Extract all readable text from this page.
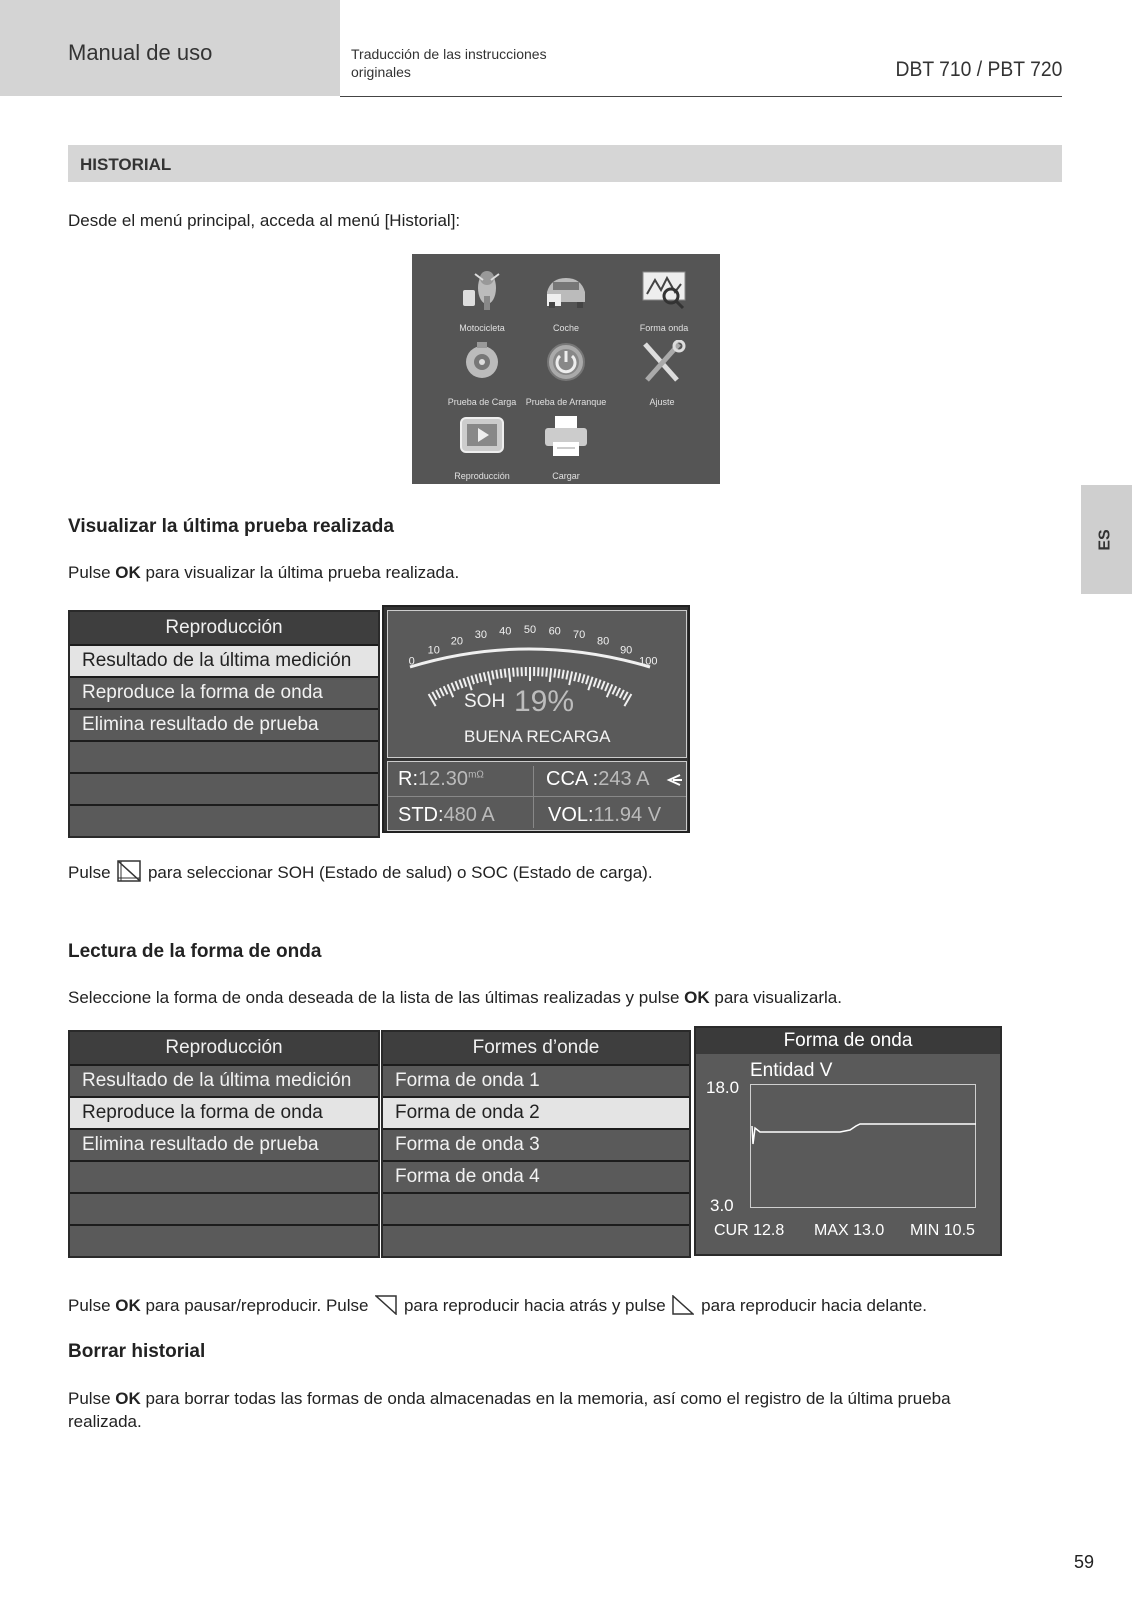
Manual de uso	Traducción de las instrucciones
originales	DBT 710 / PBT 720
ES
HISTORIAL
Desde el menú principal, acceda al menú [Historial]:
Motocicleta	Coche	Forma onda
Prueba de Carga	Prueba de Arranque	Ajuste
Reproducción	Cargar
Visualizar la última prueba realizada
Pulse OK para visualizar la última prueba realizada.
Reproducción
Resultado de la última medición
Reproduce la forma de onda
Elimina resultado de prueba
0
10
20
30 40 50 60 70
80
90
100
SOH 19%
BUENA RECARGA
$R:12.30^{m\Omega}$	CCA :243 A
STD:480 A	VOL:11.94 V
Pulse  para seleccionar SOH (Estado de salud) o SOC (Estado de carga).
Lectura de la forma de onda
Seleccione la forma de onda deseada de la lista de las últimas realizadas y pulse OK para visualizarla.
Reproducción
Resultado de la última medición
Reproduce la forma de onda
Elimina resultado de prueba
Formes d’onde
Forma de onda 1
Forma de onda 2
Forma de onda 3
Forma de onda 4
Forma de onda
Entidad V
18.0
3.0
CUR 12.8 MAX 13.0 MIN 10.5
Pulse OK para pausar/reproducir. Pulse  para reproducir hacia atrás y pulse  para reproducir hacia delante.
Borrar historial
Pulse OK para borrar todas las formas de onda almacenadas en la memoria, así como el registro de la última prueba
realizada.
59
